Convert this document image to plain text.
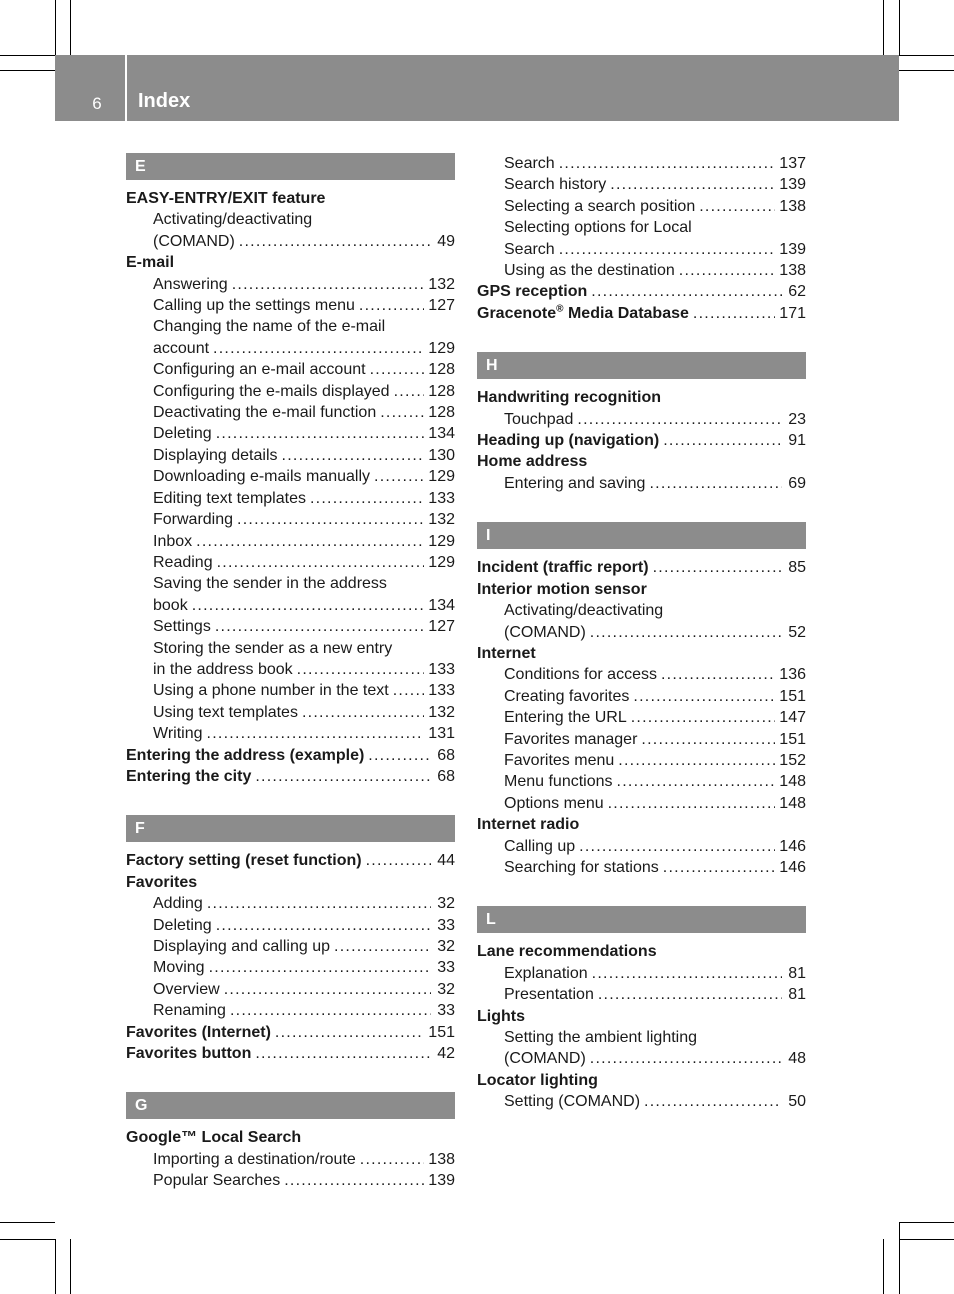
6	Index
E
EASY-ENTRY/EXIT feature
Activating/deactivating
(COMAND) . . .	49
E-mail
Answering . . .	132
Calling up the settings menu . . .	127
Changing the name of the e-mail
account . . .	129
Configuring an e-mail account . . .	128
Configuring the e-mails displayed . . . 128
Deactivating the e-mail function . . .	128
Deleting . . .	134
Displaying details . . .	130
Downloading e-mails manually . . .	129
Editing text templates . . .	133
Forwarding . . .	132
Inbox . . .	129
Reading . . .	129
Saving the sender in the address
book . . .	134
Settings . . .	127
Storing the sender as a new entry
in the address book . . .	133
Using a phone number in the text . . . 133
Using text templates . . .	132
Writing . . .	131
Entering the address (example) . . .	68
Entering the city . . .	68
F
Factory setting (reset function) . . .	44
Favorites
Adding . . .	32
Deleting . . .	33
Displaying and calling up . . .	32
Moving . . .	33
Overview . . .	32
Renaming . . .	33
Favorites (Internet) . . .	151
Favorites button . . .	42
G
Google™ Local Search
Importing a destination/route . . .	138
Popular Searches . . .	139
Search . . .	137
Search history . . .	139
Selecting a search position . . .	138
Selecting options for Local
Search . . .	139
Using as the destination . . .	138
GPS reception . . .	62
Gracenote® Media Database . . .	171
H
Handwriting recognition
Touchpad . . .	23
Heading up (navigation) . . .	91
Home address
Entering and saving . . .	69
I
Incident (traffic report) . . .	85
Interior motion sensor
Activating/deactivating
(COMAND) . . .	52
Internet
Conditions for access . . .	136
Creating favorites . . .	151
Entering the URL . . .	147
Favorites manager . . .	151
Favorites menu . . .	152
Menu functions . . .	148
Options menu . . .	148
Internet radio
Calling up . . .	146
Searching for stations . . .	146
L
Lane recommendations
Explanation . . .	81
Presentation . . .	81
Lights
Setting the ambient lighting
(COMAND) . . .	48
Locator lighting
Setting (COMAND) . . .	50
